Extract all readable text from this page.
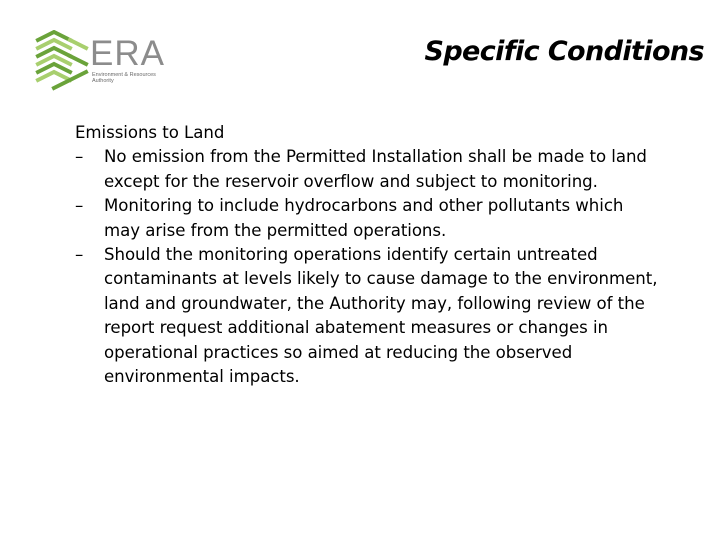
ERA
Environment & Resources Authority
Specific Conditions

Emissions to Land

– No emission from the Permitted Installation shall be made to land except for the reservoir overflow and subject to monitoring.
– Monitoring to include hydrocarbons and other pollutants which may arise from the permitted operations.
– Should the monitoring operations identify certain untreated contaminants at levels likely to cause damage to the environment, land and groundwater, the Authority may, following review of the report request additional abatement measures or changes in operational practices so aimed at reducing the observed environmental impacts.
